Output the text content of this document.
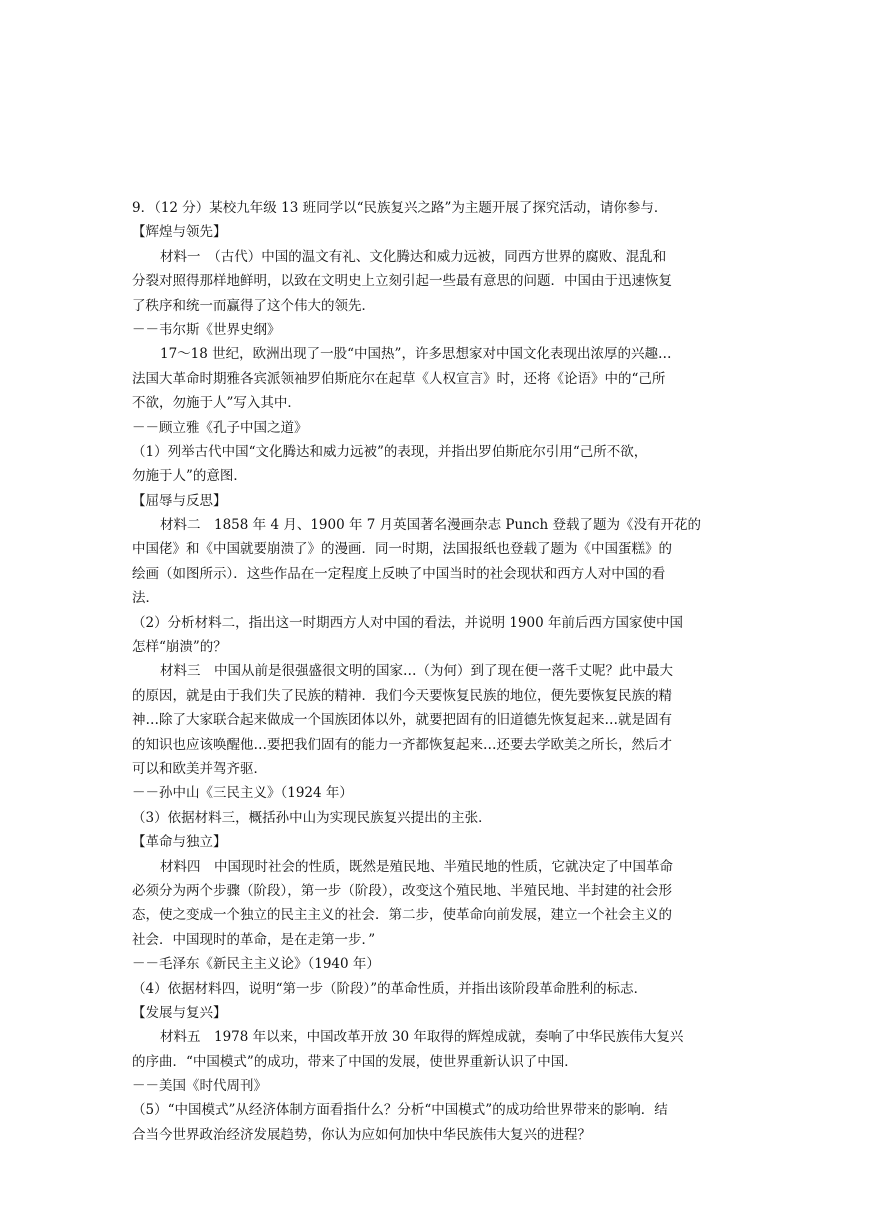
9．（12 分）某校九年级 13 班同学以“民族复兴之路”为主题开展了探究活动，请你参与．
【辉煌与领先】
材料一　（古代）中国的温文有礼、文化腾达和威力远被，同西方世界的腐败、混乱和
分裂对照得那样地鲜明，以致在文明史上立刻引起一些最有意思的问题．中国由于迅速恢复
了秩序和统一而赢得了这个伟大的领先．
－－韦尔斯《世界史纲》
17～18 世纪，欧洲出现了一股“中国热”，许多思想家对中国文化表现出浓厚的兴趣…
法国大革命时期雅各宾派领袖罗伯斯庇尔在起草《人权宣言》时，还将《论语》中的“己所
不欲，勿施于人”写入其中．
－－顾立雅《孔子中国之道》
（1）列举古代中国“文化腾达和威力远被”的表现，并指出罗伯斯庇尔引用“己所不欲，
勿施于人”的意图．
【屈辱与反思】
材料二　1858 年 4 月、1900 年 7 月英国著名漫画杂志 Punch 登载了题为《没有开花的
中国佬》和《中国就要崩溃了》的漫画．同一时期，法国报纸也登载了题为《中国蛋糕》的
绘画（如图所示）．这些作品在一定程度上反映了中国当时的社会现状和西方人对中国的看
法．
（2）分析材料二，指出这一时期西方人对中国的看法，并说明 1900 年前后西方国家使中国
怎样“崩溃”的？
材料三　中国从前是很强盛很文明的国家…（为何）到了现在便一落千丈呢？此中最大
的原因，就是由于我们失了民族的精神．我们今天要恢复民族的地位，便先要恢复民族的精
神…除了大家联合起来做成一个国族团体以外，就要把固有的旧道德先恢复起来…就是固有
的知识也应该唤醒他…要把我们固有的能力一齐都恢复起来…还要去学欧美之所长，然后才
可以和欧美并驾齐驱．
－－孙中山《三民主义》（1924 年）
（3）依据材料三，概括孙中山为实现民族复兴提出的主张．
【革命与独立】
材料四　中国现时社会的性质，既然是殖民地、半殖民地的性质，它就决定了中国革命
必须分为两个步骤（阶段），第一步（阶段），改变这个殖民地、半殖民地、半封建的社会形
态，使之变成一个独立的民主主义的社会．第二步，使革命向前发展，建立一个社会主义的
社会．中国现时的革命，是在走第一步．”
－－毛泽东《新民主主义论》（1940 年）
（4）依据材料四，说明“第一步（阶段）”的革命性质，并指出该阶段革命胜利的标志．
【发展与复兴】
材料五　1978 年以来，中国改革开放 30 年取得的辉煌成就，奏响了中华民族伟大复兴
的序曲．“中国模式”的成功，带来了中国的发展，使世界重新认识了中国．
－－美国《时代周刊》
（5）“中国模式”从经济体制方面看指什么？分析“中国模式”的成功给世界带来的影响．结
合当今世界政治经济发展趋势，你认为应如何加快中华民族伟大复兴的进程？
